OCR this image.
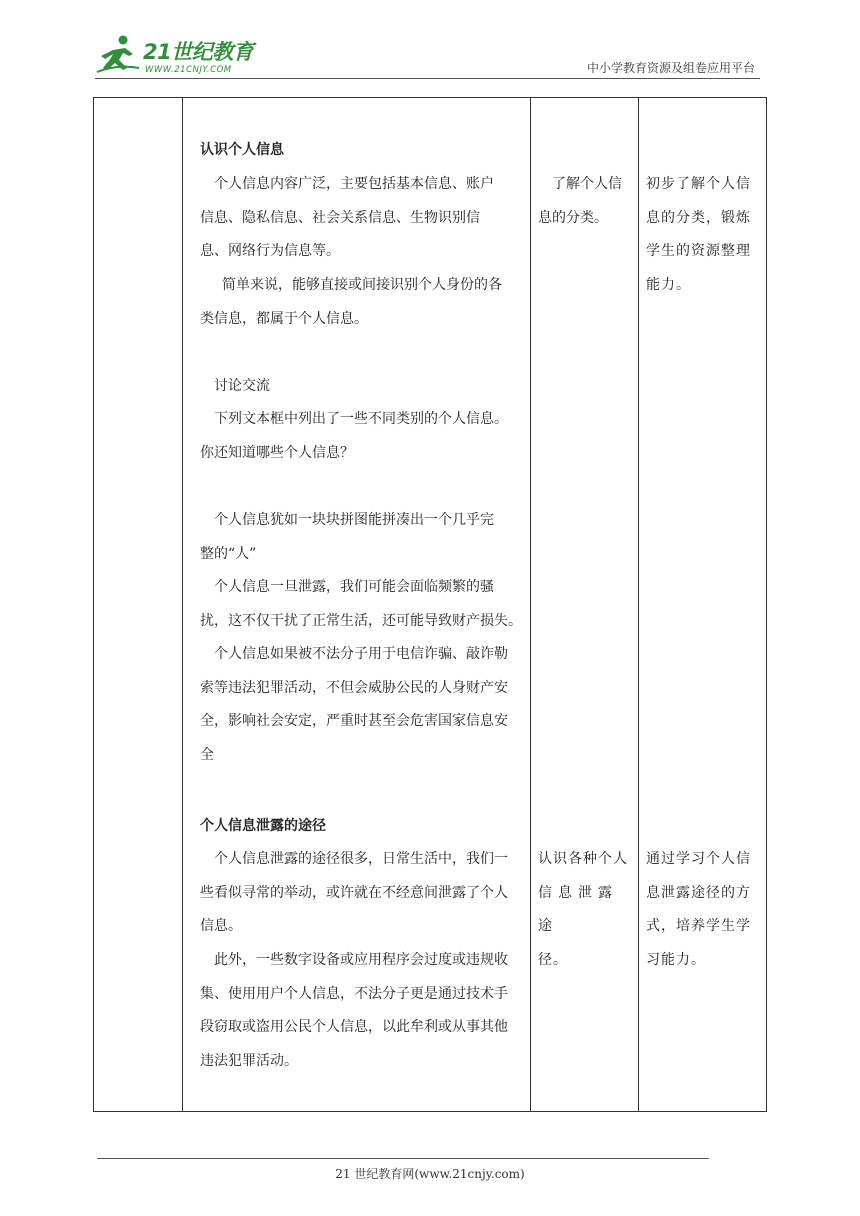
21世纪教育
WWW.21CNJY.COM	中小学教育资源及组卷应用平台

认识个人信息

个人信息内容广泛，主要包括基本信息、账户
信息、隐私信息、社会关系信息、生物识别信
息、网络行为信息等。

简单来说，能够直接或间接识别个人身份的各
类信息，都属于个人信息。

讨论交流

下列文本框中列出了一些不同类别的个人信息。
你还知道哪些个人信息？

个人信息犹如一块块拼图能拼凑出一个几乎完
整的“人”

个人信息一旦泄露，我们可能会面临频繁的骚
扰，这不仅干扰了正常生活，还可能导致财产损失。

个人信息如果被不法分子用于电信诈骗、敲诈勒
索等违法犯罪活动，不但会威胁公民的人身财产安
全，影响社会安定，严重时甚至会危害国家信息安
全

个人信息泄露的途径

个人信息泄露的途径很多，日常生活中，我们一
些看似寻常的举动，或许就在不经意间泄露了个人
信息。

此外，一些数字设备或应用程序会过度或违规收
集、使用用户个人信息，不法分子更是通过技术手
段窃取或盗用公民个人信息，以此牟利或从事其他
违法犯罪活动。

了解个人信
息的分类。
认识各种个人
信息泄露途
径。
初步了解个人信
息的分类，锻炼
学生的资源整理
能力。
通过学习个人信
息泄露途径的方
式，培养学生学
习能力。
21 世纪教育网(www.21cnjy.com)
